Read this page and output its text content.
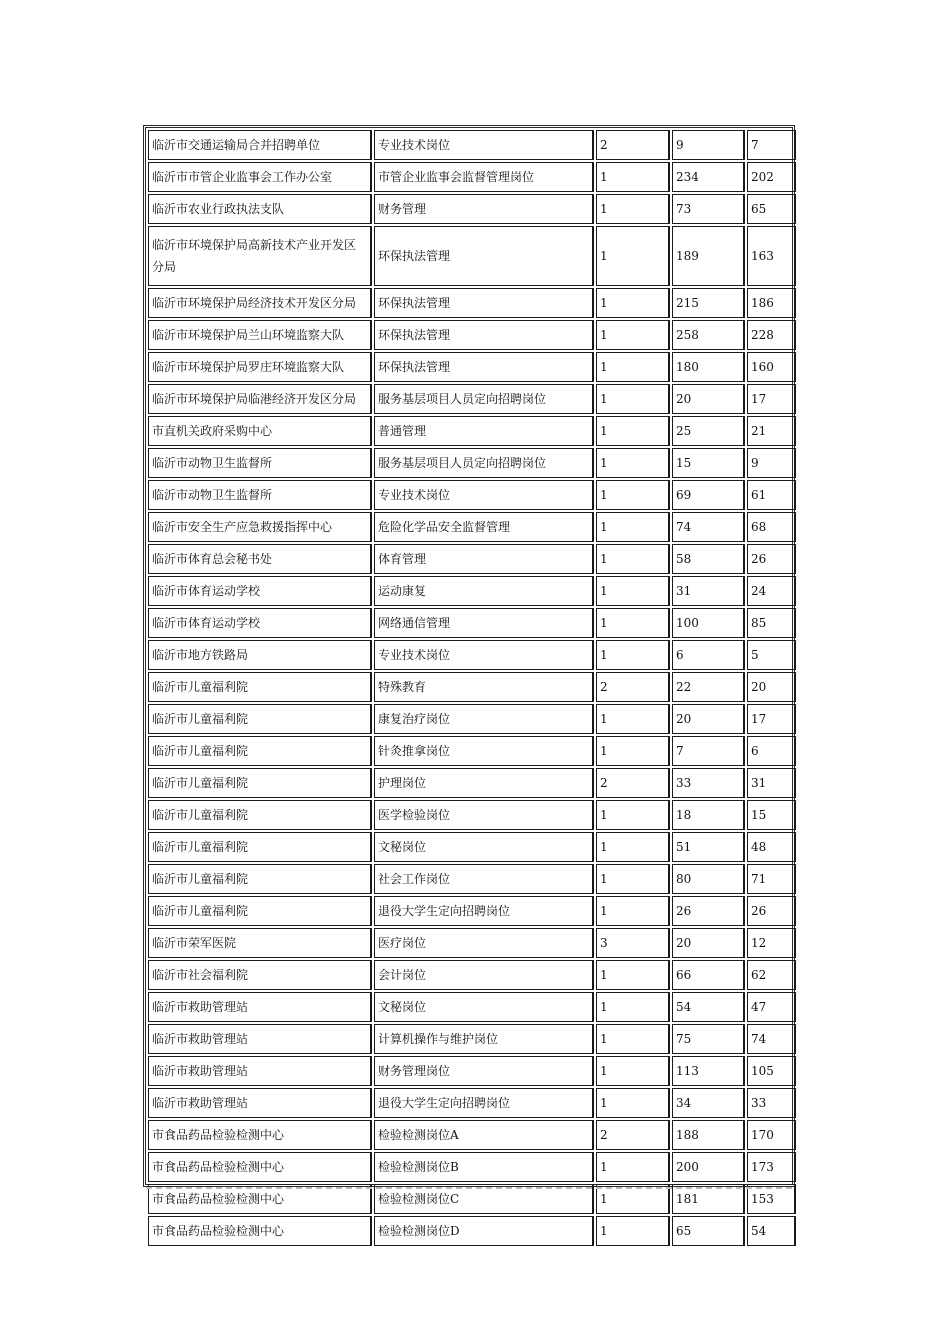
临沂市交通运输局合并招聘单位	专业技术岗位	2	9	7
临沂市市管企业监事会工作办公室	市管企业监事会监督管理岗位	1	234	202
临沂市农业行政执法支队	财务管理	1	73	65
临沂市环境保护局高新技术产业开发区分局	环保执法管理	1	189	163
临沂市环境保护局经济技术开发区分局	环保执法管理	1	215	186
临沂市环境保护局兰山环境监察大队	环保执法管理	1	258	228
临沂市环境保护局罗庄环境监察大队	环保执法管理	1	180	160
临沂市环境保护局临港经济开发区分局	服务基层项目人员定向招聘岗位	1	20	17
市直机关政府采购中心	普通管理	1	25	21
临沂市动物卫生监督所	服务基层项目人员定向招聘岗位	1	15	9
临沂市动物卫生监督所	专业技术岗位	1	69	61
临沂市安全生产应急救援指挥中心	危险化学品安全监督管理	1	74	68
临沂市体育总会秘书处	体育管理	1	58	26
临沂市体育运动学校	运动康复	1	31	24
临沂市体育运动学校	网络通信管理	1	100	85
临沂市地方铁路局	专业技术岗位	1	6	5
临沂市儿童福利院	特殊教育	2	22	20
临沂市儿童福利院	康复治疗岗位	1	20	17
临沂市儿童福利院	针灸推拿岗位	1	7	6
临沂市儿童福利院	护理岗位	2	33	31
临沂市儿童福利院	医学检验岗位	1	18	15
临沂市儿童福利院	文秘岗位	1	51	48
临沂市儿童福利院	社会工作岗位	1	80	71
临沂市儿童福利院	退役大学生定向招聘岗位	1	26	26
临沂市荣军医院	医疗岗位	3	20	12
临沂市社会福利院	会计岗位	1	66	62
临沂市救助管理站	文秘岗位	1	54	47
临沂市救助管理站	计算机操作与维护岗位	1	75	74
临沂市救助管理站	财务管理岗位	1	113	105
临沂市救助管理站	退役大学生定向招聘岗位	1	34	33
市食品药品检验检测中心	检验检测岗位A	2	188	170
市食品药品检验检测中心	检验检测岗位B	1	200	173
市食品药品检验检测中心	检验检测岗位C	1	181	153
市食品药品检验检测中心	检验检测岗位D	1	65	54
